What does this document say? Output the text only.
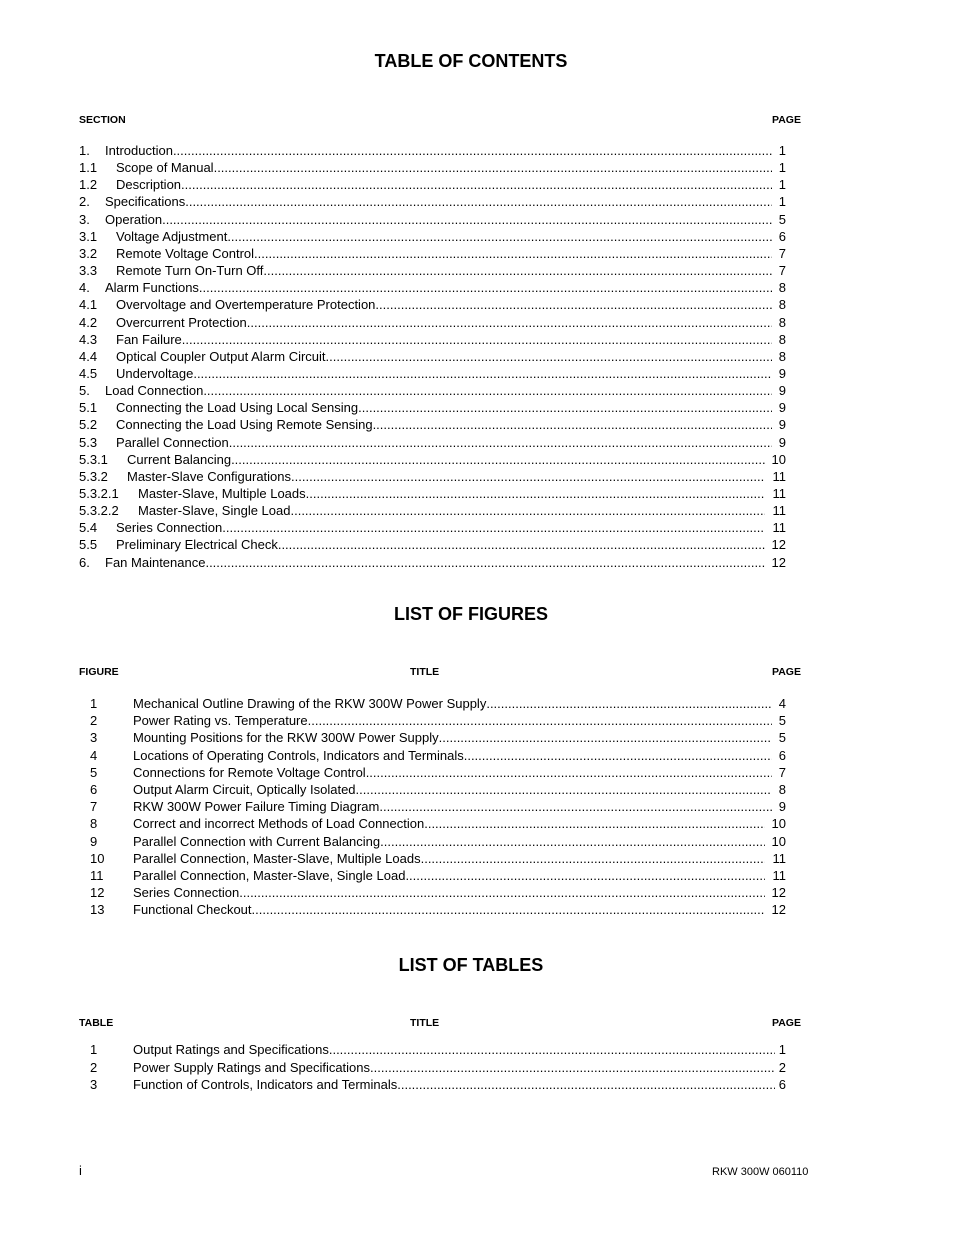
TABLE OF CONTENTS
SECTION	PAGE
1. Introduction .....	1
1.1 Scope of Manual .....	1
1.2 Description .....	1
2. Specifications .....	1
3. Operation .....	5
3.1 Voltage Adjustment .....	6
3.2 Remote Voltage Control .....	7
3.3 Remote Turn On-Turn Off .....	7
4. Alarm Functions .....	8
4.1 Overvoltage and Overtemperature Protection .....	8
4.2 Overcurrent Protection .....	8
4.3 Fan Failure .....	8
4.4 Optical Coupler Output Alarm Circuit .....	8
4.5 Undervoltage .....	9
5. Load Connection .....	9
5.1 Connecting the Load Using Local Sensing .....	9
5.2 Connecting the Load Using Remote Sensing .....	9
5.3 Parallel Connection .....	9
5.3.1 Current Balancing .....	10
5.3.2 Master-Slave Configurations .....	11
5.3.2.1 Master-Slave, Multiple Loads .....	11
5.3.2.2 Master-Slave, Single Load .....	11
5.4 Series Connection .....	11
5.5 Preliminary Electrical Check .....	12
6. Fan Maintenance .....	12
LIST OF FIGURES
FIGURE	TITLE	PAGE
1	Mechanical Outline Drawing of the RKW 300W Power Supply .....	4
2	Power Rating vs. Temperature .....	5
3	Mounting Positions for the RKW 300W Power Supply .....	5
4	Locations of Operating Controls, Indicators and Terminals .....	6
5	Connections for Remote Voltage Control .....	7
6	Output Alarm Circuit, Optically Isolated .....	8
7	RKW 300W Power Failure Timing Diagram .....	9
8	Correct and incorrect Methods of Load Connection .....	10
9	Parallel Connection with Current Balancing .....	10
10 Parallel Connection, Master-Slave, Multiple Loads .....	11
11 Parallel Connection, Master-Slave, Single Load .....	11
12 Series Connection .....	12
13 Functional Checkout .....	12
LIST OF TABLES
TABLE	TITLE	PAGE
1	Output Ratings and Specifications .....	1
2	Power Supply Ratings and Specifications .....	2
3	Function of Controls, Indicators and Terminals .....	6
i	RKW 300W 060110
